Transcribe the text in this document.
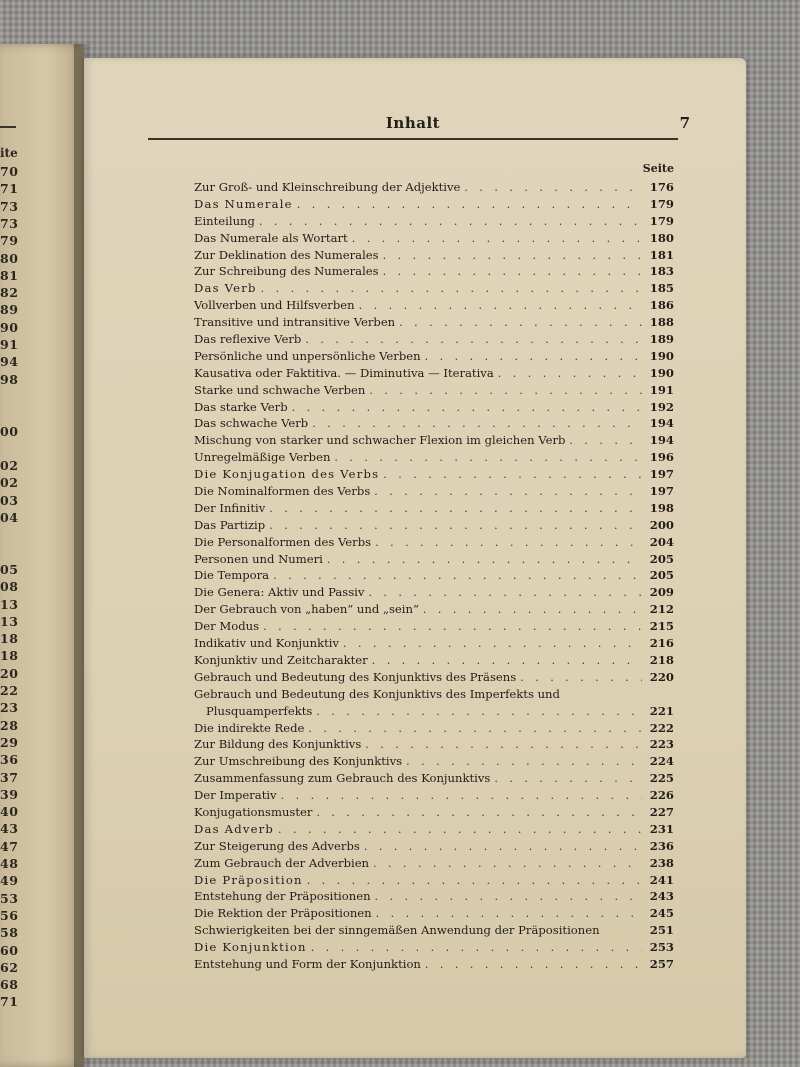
ite
70
71
73
73
79
80
81
82
89
90
91
94
98
00
02
02
03
04
05
08
13
13
18
18
20
22
23
28
29
36
37
39
40
43
47
48
49
53
56
58
60
62
68
71
Inhalt	7
Seite
Zur Groß- und Kleinschreibung der Adjektive . . .	176
Das Numerale . . .	179
Einteilung . . .	179
Das Numerale als Wortart . . .	180
Zur Deklination des Numerales . . .	181
Zur Schreibung des Numerales . . .	183
Das Verb . . .	185
Vollverben und Hilfsverben . . .	186
Transitive und intransitive Verben . . .	188
Das reflexive Verb . . .	189
Persönliche und unpersönliche Verben . . .	190
Kausativa oder Faktitiva. — Diminutiva — Iterativa . . .	190
Starke und schwache Verben . . .	191
Das starke Verb . . .	192
Das schwache Verb . . .	194
Mischung von starker und schwacher Flexion im gleichen Verb . . .	194
Unregelmäßige Verben . . .	196
Die Konjugation des Verbs . . .	197
Die Nominalformen des Verbs . . .	197
Der Infinitiv . . .	198
Das Partizip . . .	200
Die Personalformen des Verbs . . .	204
Personen und Numeri . . .	205
Die Tempora . . .	205
Die Genera: Aktiv und Passiv . . .	209
Der Gebrauch von „haben“ und „sein“ . . .	212
Der Modus . . .	215
Indikativ und Konjunktiv . . .	216
Konjunktiv und Zeitcharakter . . .	218
Gebrauch und Bedeutung des Konjunktivs des Präsens . . .	220
Gebrauch und Bedeutung des Konjunktivs des Imperfekts und
Plusquamperfekts . . .	221
Die indirekte Rede . . .	222
Zur Bildung des Konjunktivs . . .	223
Zur Umschreibung des Konjunktivs . . .	224
Zusammenfassung zum Gebrauch des Konjunktivs . . .	225
Der Imperativ . . .	226
Konjugationsmuster . . .	227
Das Adverb . . .	231
Zur Steigerung des Adverbs . . .	236
Zum Gebrauch der Adverbien . . .	238
Die Präposition . . .	241
Entstehung der Präpositionen . . .	243
Die Rektion der Präpositionen . . .	245
Schwierigkeiten bei der sinngemäßen Anwendung der Präpositionen	251
Die Konjunktion . . .	253
Entstehung und Form der Konjunktion . . .	257
